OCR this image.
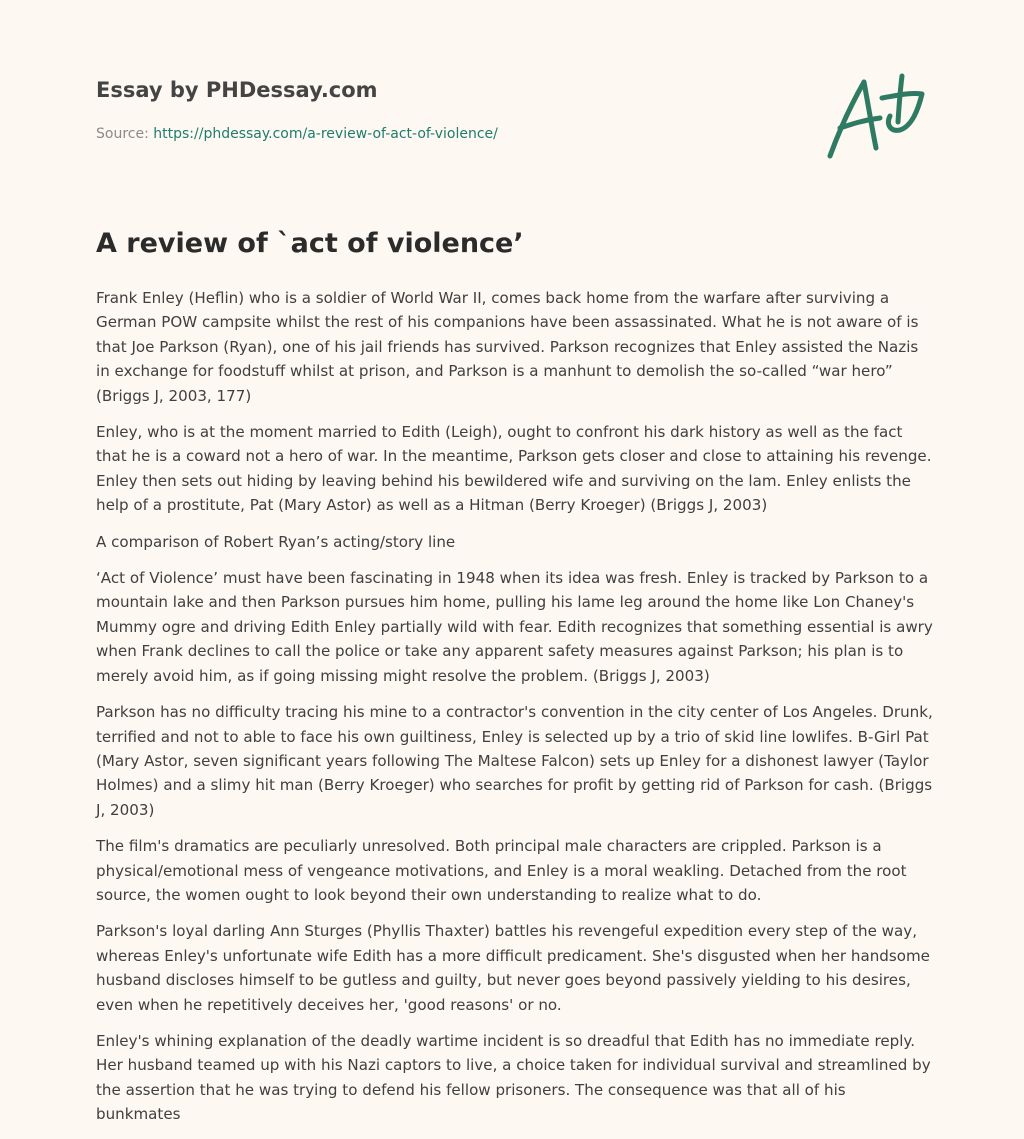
Essay by PHDessay.com
Source: https://phdessay.com/a-review-of-act-of-violence/
A review of `act of violence’

Frank Enley (Heflin) who is a soldier of World War II, comes back home from the warfare after surviving a German POW campsite whilst the rest of his companions have been assassinated. What he is not aware of is that Joe Parkson (Ryan), one of his jail friends has survived. Parkson recognizes that Enley assisted the Nazis in exchange for foodstuff whilst at prison, and Parkson is a manhunt to demolish the so-called “war hero” (Briggs J, 2003, 177)

Enley, who is at the moment married to Edith (Leigh), ought to confront his dark history as well as the fact that he is a coward not a hero of war. In the meantime, Parkson gets closer and close to attaining his revenge. Enley then sets out hiding by leaving behind his bewildered wife and surviving on the lam. Enley enlists the help of a prostitute, Pat (Mary Astor) as well as a Hitman (Berry Kroeger) (Briggs J, 2003)

A comparison of Robert Ryan’s acting/story line

‘Act of Violence’ must have been fascinating in 1948 when its idea was fresh. Enley is tracked by Parkson to a mountain lake and then Parkson pursues him home, pulling his lame leg around the home like Lon Chaney's Mummy ogre and driving Edith Enley partially wild with fear. Edith recognizes that something essential is awry when Frank declines to call the police or take any apparent safety measures against Parkson; his plan is to merely avoid him, as if going missing might resolve the problem. (Briggs J, 2003)

Parkson has no difficulty tracing his mine to a contractor's convention in the city center of Los Angeles. Drunk, terrified and not to able to face his own guiltiness, Enley is selected up by a trio of skid line lowlifes. B-Girl Pat (Mary Astor, seven significant years following The Maltese Falcon) sets up Enley for a dishonest lawyer (Taylor Holmes) and a slimy hit man (Berry Kroeger) who searches for profit by getting rid of Parkson for cash. (Briggs J, 2003)

The film's dramatics are peculiarly unresolved. Both principal male characters are crippled. Parkson is a physical/emotional mess of vengeance motivations, and Enley is a moral weakling. Detached from the root source, the women ought to look beyond their own understanding to realize what to do.

Parkson's loyal darling Ann Sturges (Phyllis Thaxter) battles his revengeful expedition every step of the way, whereas Enley's unfortunate wife Edith has a more difficult predicament. She's disgusted when her handsome husband discloses himself to be gutless and guilty, but never goes beyond passively yielding to his desires, even when he repetitively deceives her, 'good reasons' or no.

Enley's whining explanation of the deadly wartime incident is so dreadful that Edith has no immediate reply. Her husband teamed up with his Nazi captors to live, a choice taken for individual survival and streamlined by the assertion that he was trying to defend his fellow prisoners. The consequence was that all of his bunkmates
